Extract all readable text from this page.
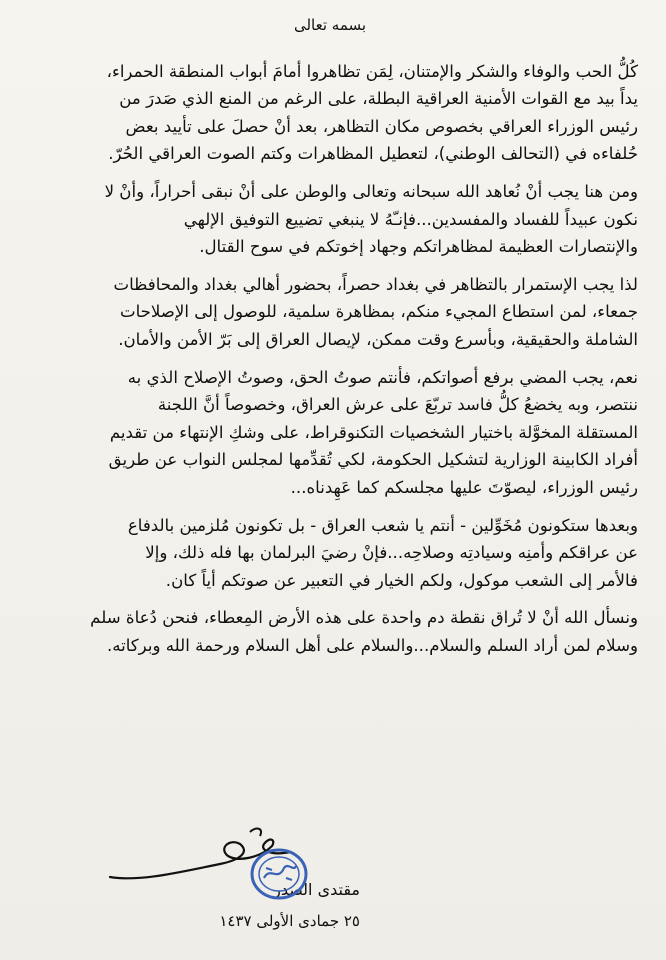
بسمه تعالى
كُلُّ الحب والوفاء والشكر والإمتنان، لِمَن تظاهروا أمامَ أبواب المنطقة الحمراء،
يداً بيد مع القوات الأمنية العراقية البطلة، على الرغم من المنع الذي صَدرَ من
رئيس الوزراء العراقي بخصوص مكان التظاهر، بعد أنْ حصلَ على تأييد بعض
حُلفاءه في (التحالف الوطني)، لتعطيل المظاهرات وكتم الصوت العراقي الحُرّ.
ومن هنا يجب أنْ نُعاهد الله سبحانه وتعالى والوطن على أنْ نبقى أحراراً، وأنْ لا
نكون عبيداً للفساد والمفسدين...فإنـّهُ لا ينبغي تضييع التوفيق الإلهي
والإنتصارات العظيمة لمظاهراتكم وجهاد إخوتكم في سوح القتال.
لذا يجب الإستمرار بالتظاهر في بغداد حصراً، بحضور أهالي بغداد والمحافظات
جمعاء، لمن استطاع المجيء منكم، بمظاهرة سلمية، للوصول إلى الإصلاحات
الشاملة والحقيقية، وبأسرع وقت ممكن، لإيصال العراق إلى بَرّ الأمن والأمان.
نعم، يجب المضي برفع أصواتكم، فأنتم صوتُ الحق، وصوتُ الإصلاح الذي به
ننتصر، وبه يخضعُ كلُّ فاسد تربّعَ على عرش العراق، وخصوصاً أنَّ اللجنة
المستقلة المخوَّلة باختيار الشخصيات التكنوقراط، على وشكِ الإنتهاء من تقديم
أفراد الكابينة الوزارية لتشكيل الحكومة، لكي تُقدِّمها لمجلس النواب عن طريق
رئيس الوزراء، ليصوّتَ عليها مجلسكم كما عَهِدناه...
وبعدها ستكونون مُخَوِّلين - أنتم يا شعب العراق - بل تكونون مُلزمين بالدفاع
عن عراقكم وأمنِه وسيادتِه وصلاحِه...فإنْ رضيَ البرلمان بها فله ذلك، وإلا
فالأمر إلى الشعب موكول، ولكم الخيار في التعبير عن صوتكم أياً كان.
ونسأل الله أنْ لا تُراق نقطة دم واحدة على هذه الأرض المِعطاء، فنحن دُعاة سلم
وسلام لمن أراد السلم والسلام...والسلام على أهل السلام ورحمة الله وبركاته.
مقتدى الصدر
٢٥ جمادى الأولى ١٤٣٧
